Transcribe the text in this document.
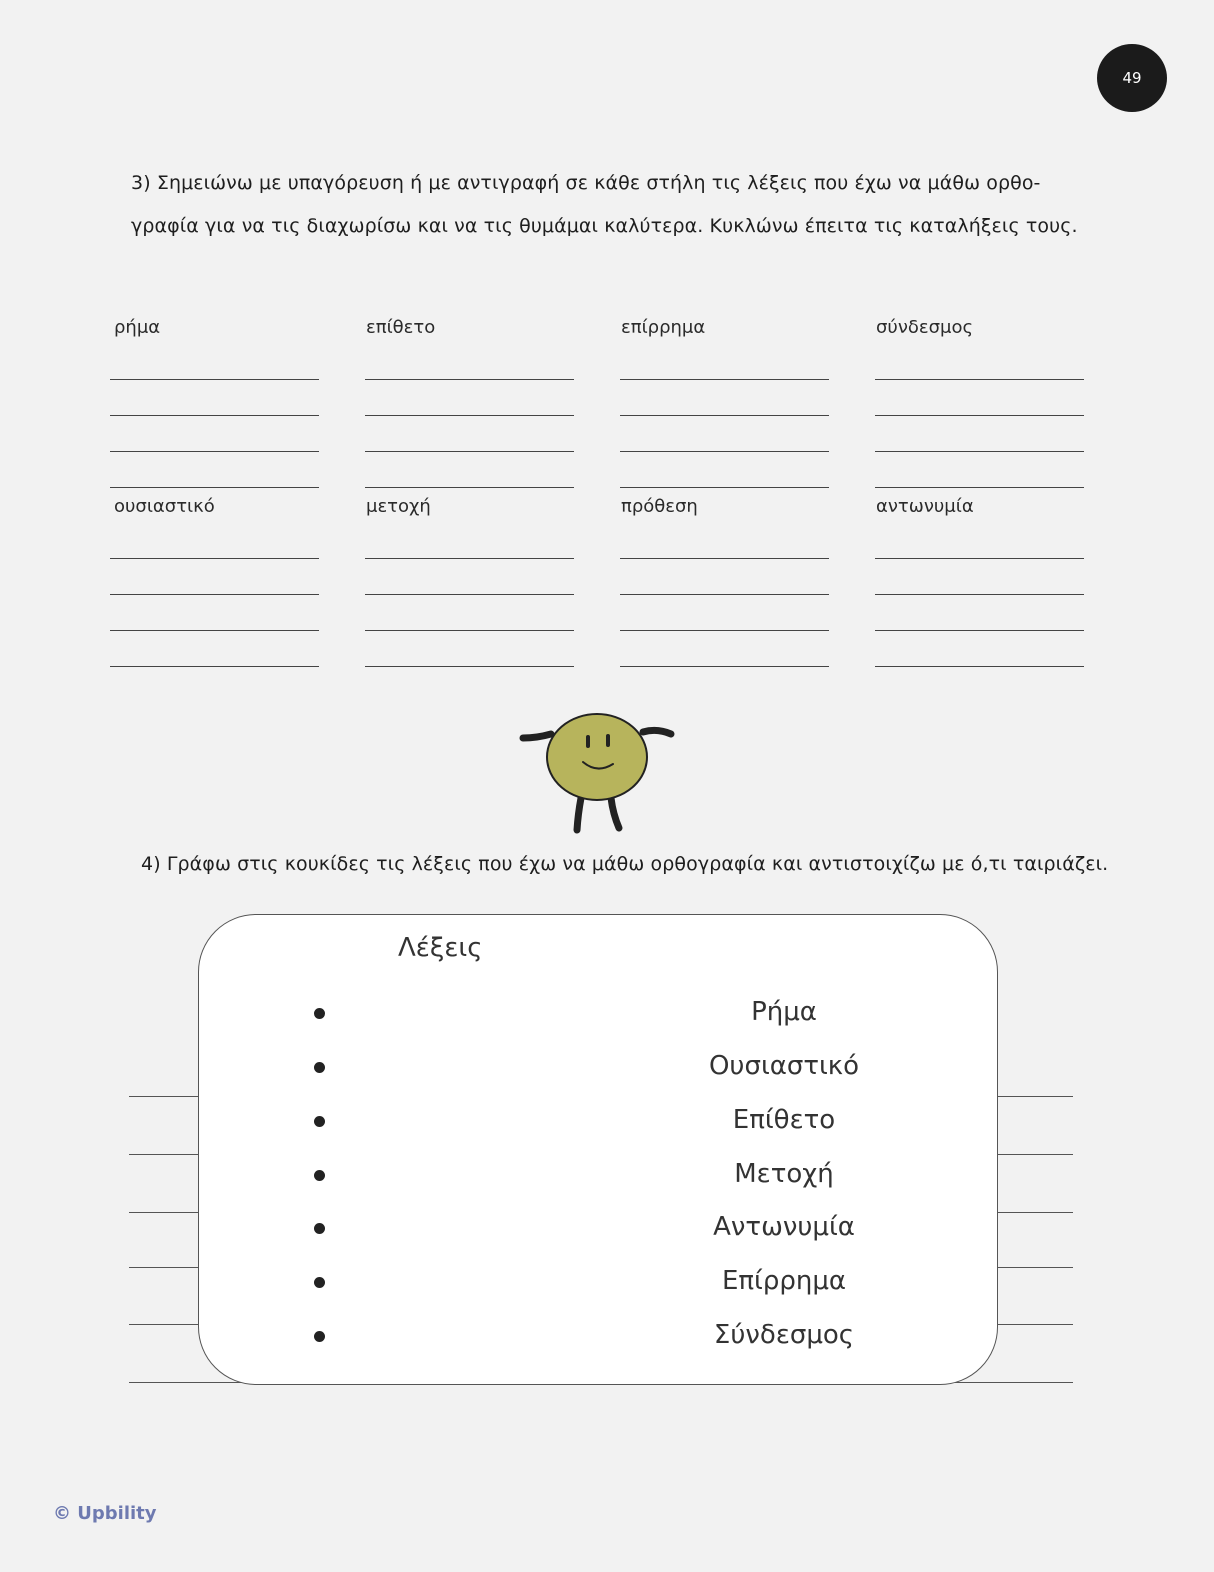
49
3) Σημειώνω με υπαγόρευση ή με αντιγραφή σε κάθε στήλη τις λέξεις που έχω να μάθω ορθο-
γραφία για να τις διαχωρίσω και να τις θυμάμαι καλύτερα. Κυκλώνω έπειτα τις καταλήξεις τους.
ρήμα	επίθετο	επίρρημα	σύνδεσμος
ουσιαστικό	μετοχή	πρόθεση	αντωνυμία
4) Γράφω στις κουκίδες τις λέξεις που έχω να μάθω ορθογραφία και αντιστοιχίζω με ό,τι ταιριάζει.
Λέξεις
Ρήμα
Ουσιαστικό
Επίθετο
Μετοχή
Αντωνυμία
Επίρρημα
Σύνδεσμος
© Upbility
